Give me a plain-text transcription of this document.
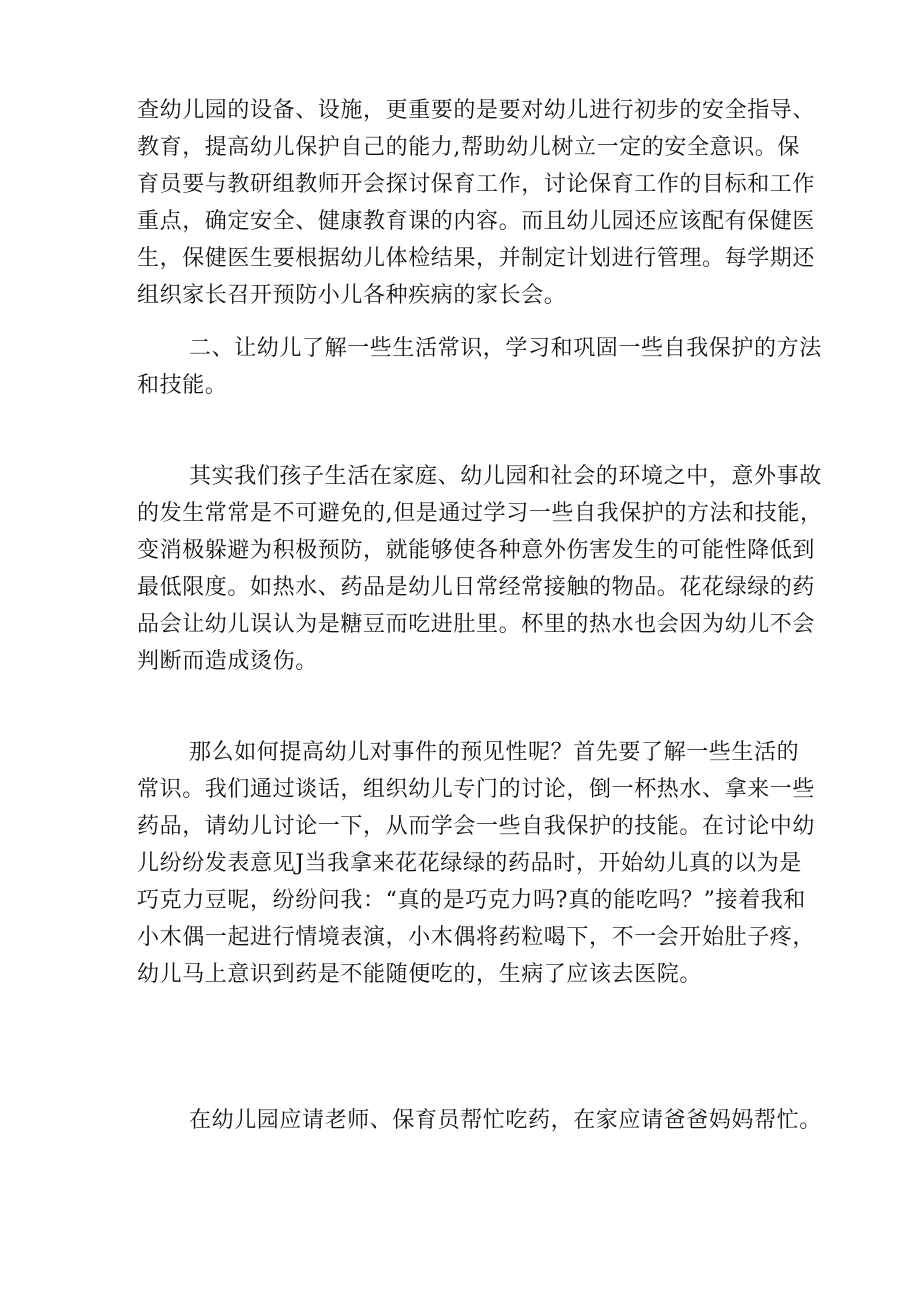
查幼儿园的设备、设施，更重要的是要对幼儿进行初步的安全指导、
教育，提高幼儿保护自己的能力,帮助幼儿树立一定的安全意识。保
育员要与教研组教师开会探讨保育工作，讨论保育工作的目标和工作
重点，确定安全、健康教育课的内容。而且幼儿园还应该配有保健医
生，保健医生要根据幼儿体检结果，并制定计划进行管理。每学期还
组织家长召开预防小儿各种疾病的家长会。
二、让幼儿了解一些生活常识，学习和巩固一些自我保护的方法
和技能。
其实我们孩子生活在家庭、幼儿园和社会的环境之中，意外事故
的发生常常是不可避免的,但是通过学习一些自我保护的方法和技能，
变消极躲避为积极预防，就能够使各种意外伤害发生的可能性降低到
最低限度。如热水、药品是幼儿日常经常接触的物品。花花绿绿的药
品会让幼儿误认为是糖豆而吃进肚里。杯里的热水也会因为幼儿不会
判断而造成烫伤。
那么如何提高幼儿对事件的预见性呢？首先要了解一些生活的
常识。我们通过谈话，组织幼儿专门的讨论，倒一杯热水、拿来一些
药品，请幼儿讨论一下，从而学会一些自我保护的技能。在讨论中幼
儿纷纷发表意见J当我拿来花花绿绿的药品时，开始幼儿真的以为是
巧克力豆呢，纷纷问我：“真的是巧克力吗?真的能吃吗？”接着我和
小木偶一起进行情境表演，小木偶将药粒喝下，不一会开始肚子疼，
幼儿马上意识到药是不能随便吃的，生病了应该去医院。
在幼儿园应请老师、保育员帮忙吃药，在家应请爸爸妈妈帮忙。
